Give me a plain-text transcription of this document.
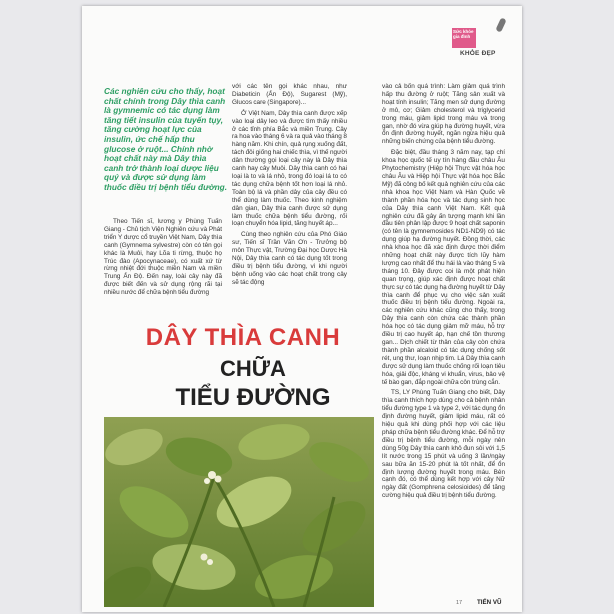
Sức khỏe gia đình
KHỎE ĐẸP
Các nghiên cứu cho thấy, hoạt chất chính trong Dây thìa canh là gymnemic có tác dụng làm tăng tiết insulin của tuyến tụy, tăng cường hoạt lực của insulin, ức chế hấp thu glucose ở ruột... Chính nhờ hoạt chất này mà Dây thìa canh trở thành loại dược liệu quý và được sử dụng làm thuốc điều trị bệnh tiểu đường.

Theo Tiến sĩ, lương y Phùng Tuấn Giang - Chủ tịch Viện Nghiên cứu và Phát triển Y dược cổ truyền Việt Nam, Dây thìa canh (Gymnema sylvestre) còn có tên gọi khác là Muôi, hay Lõa ti rừng, thuộc họ Trúc đào (Apocynaceae), có xuất xứ từ rừng nhiệt đới thuộc miền Nam và miền Trung Ấn Độ. Đến nay, loài cây này đã được biết đến và sử dụng rộng rãi tại nhiều nước để chữa bệnh tiểu đường

với các tên gọi khác nhau, như Diabeticin (Ấn Độ), Sugarest (Mỹ), Glucos care (Singapore)...

Ở Việt Nam, Dây thìa canh được xếp vào loại dây leo và được tìm thấy nhiều ở các tỉnh phía Bắc và miền Trung. Cây ra hoa vào tháng 6 và ra quả vào tháng 8 hàng năm. Khi chín, quả rụng xuống đất, tách đôi giống hai chiếc thìa, vì thế người dân thường gọi loại cây này là Dây thìa canh hay cây Muôi. Dây thìa canh có hai loại là to và lá nhỏ, trong đó loại lá to có tác dụng chữa bệnh tốt hơn loại lá nhỏ. Toàn bộ lá và phần dây của cây đều có thể dùng làm thuốc. Theo kinh nghiệm dân gian, Dây thìa canh được sử dụng làm thuốc chữa bệnh tiểu đường, rối loạn chuyển hóa lipid, tăng huyết áp...

Cùng theo nghiên cứu của Phó Giáo sư, Tiến sĩ Trần Văn Ơn - Trưởng bộ môn Thực vật, Trường Đại học Dược Hà Nội, Dây thìa canh có tác dụng tốt trong điều trị bệnh tiểu đường, vì khi người bệnh uống vào các hoạt chất trong cây sẽ tác động

vào cả bốn quá trình: Làm giảm quá trình hấp thu đường ở ruột; Tăng sản xuất và hoạt tính insulin; Tăng men sử dụng đường ở mô, cơ; Giảm cholesterol và triglycerid trong máu, giảm lipid trong máu và trong gan, nhờ đó vừa giúp hạ đường huyết, vừa ổn định đường huyết, ngăn ngừa hiệu quả những biến chứng của bệnh tiểu đường.

Đặc biệt, đầu tháng 3 năm nay, tạp chí khoa học quốc tế uy tín hàng đầu châu Âu Phytochemistry (Hiệp hội Thực vật hóa học châu Âu và Hiệp hội Thực vật hóa học Bắc Mỹ) đã công bố kết quả nghiên cứu của các nhà khoa học Việt Nam và Hàn Quốc về thành phần hóa học và tác dụng sinh học của Dây thìa canh Việt Nam. Kết quả nghiên cứu đã gây ấn tượng mạnh khi lần đầu tiên phân lập được 9 hoạt chất saponin (có tên là gymnemosides ND1-ND9) có tác dụng giúp hạ đường huyết. Đồng thời, các nhà khoa học đã xác định được thời điểm những hoạt chất này được tích lũy hàm lượng cao nhất để thu hái là vào tháng 5 và tháng 10. Đây được coi là một phát hiện quan trọng, giúp xác định được hoạt chất thực sự có tác dụng hạ đường huyết từ Dây thìa canh để phục vụ cho việc sản xuất thuốc điều trị bệnh tiểu đường. Ngoài ra, các nghiên cứu khác cũng cho thấy, trong Dây thìa canh còn chứa các thành phần hóa học có tác dụng giảm mỡ máu, hỗ trợ điều trị cao huyết áp, hạn chế tồn thương gan... Dịch chiết từ thân của cây còn chứa thành phần alcaloid có tác dụng chống sốt rét, ung thư, loạn nhịp tim. Lá Dây thìa canh được sử dụng làm thuốc chống rối loạn tiêu hóa, giải độc, kháng vi khuẩn, virus, bảo vệ tế bào gan, đắp ngoài chữa côn trùng cắn.

TS, LY Phùng Tuấn Giang cho biết, Dây thìa canh thích hợp dùng cho cả bệnh nhân tiểu đường type 1 và type 2, với tác dụng ổn định đường huyết, giảm lipid máu, rất có hiệu quả khi dùng phối hợp với các liệu pháp chữa bệnh tiểu đường khác. Để hỗ trợ điều trị bệnh tiểu đường, mỗi ngày nên dùng 50g Dây thìa canh khô đun sôi với 1,5 lít nước trong 15 phút và uống 3 lần/ngày sau bữa ăn 15-20 phút là tốt nhất, để ổn định lượng đường huyết trong máu. Bên cạnh đó, có thể dùng kết hợp với cây Nữ ngày đất (Gomphrena celosioides) để tăng cường hiệu quả điều trị bệnh tiểu đường.

DÂY THÌA CANH
CHỮA
TIỂU ĐƯỜNG
17 TIẾN VŨ
